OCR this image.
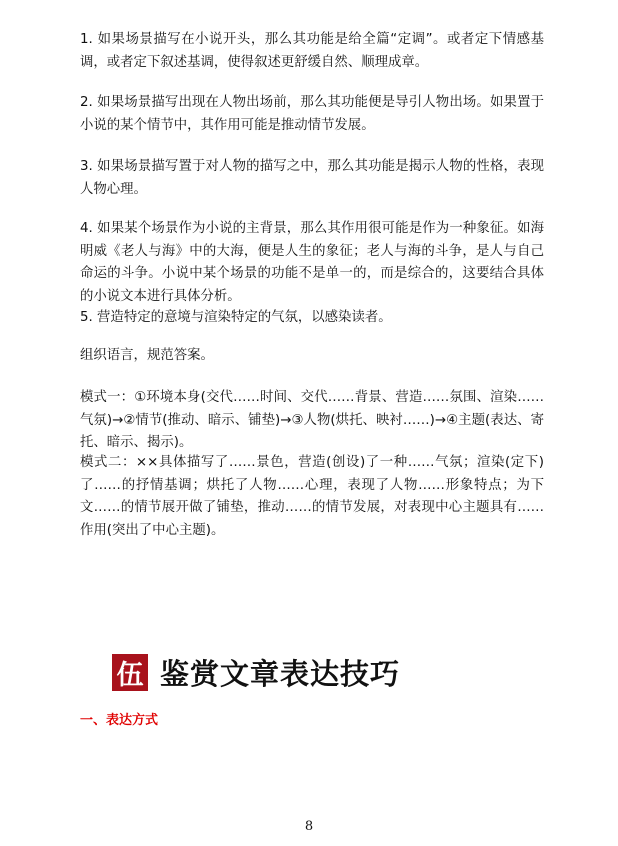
1. 如果场景描写在小说开头，那么其功能是给全篇“定调”。或者定下情感基调，或者定下叙述基调，使得叙述更舒缓自然、顺理成章。

2. 如果场景描写出现在人物出场前，那么其功能便是导引人物出场。如果置于小说的某个情节中，其作用可能是推动情节发展。

3. 如果场景描写置于对人物的描写之中，那么其功能是揭示人物的性格，表现人物心理。

4. 如果某个场景作为小说的主背景，那么其作用很可能是作为一种象征。如海明威《老人与海》中的大海，便是人生的象征；老人与海的斗争，是人与自己命运的斗争。小说中某个场景的功能不是单一的，而是综合的，这要结合具体的小说文本进行具体分析。

5. 营造特定的意境与渲染特定的气氛，以感染读者。

组织语言，规范答案。

模式一：①环境本身(交代……时间、交代……背景、营造……氛围、渲染……气氛)→②情节(推动、暗示、铺垫)→③人物(烘托、映衬……)→④主题(表达、寄托、暗示、揭示)。

模式二：××具体描写了……景色，营造(创设)了一种……气氛；渲染(定下)了……的抒情基调；烘托了人物……心理，表现了人物……形象特点；为下文……的情节展开做了铺垫，推动……的情节发展，对表现中心主题具有……作用(突出了中心主题)。

伍 鉴赏文章表达技巧
一、表达方式
8
